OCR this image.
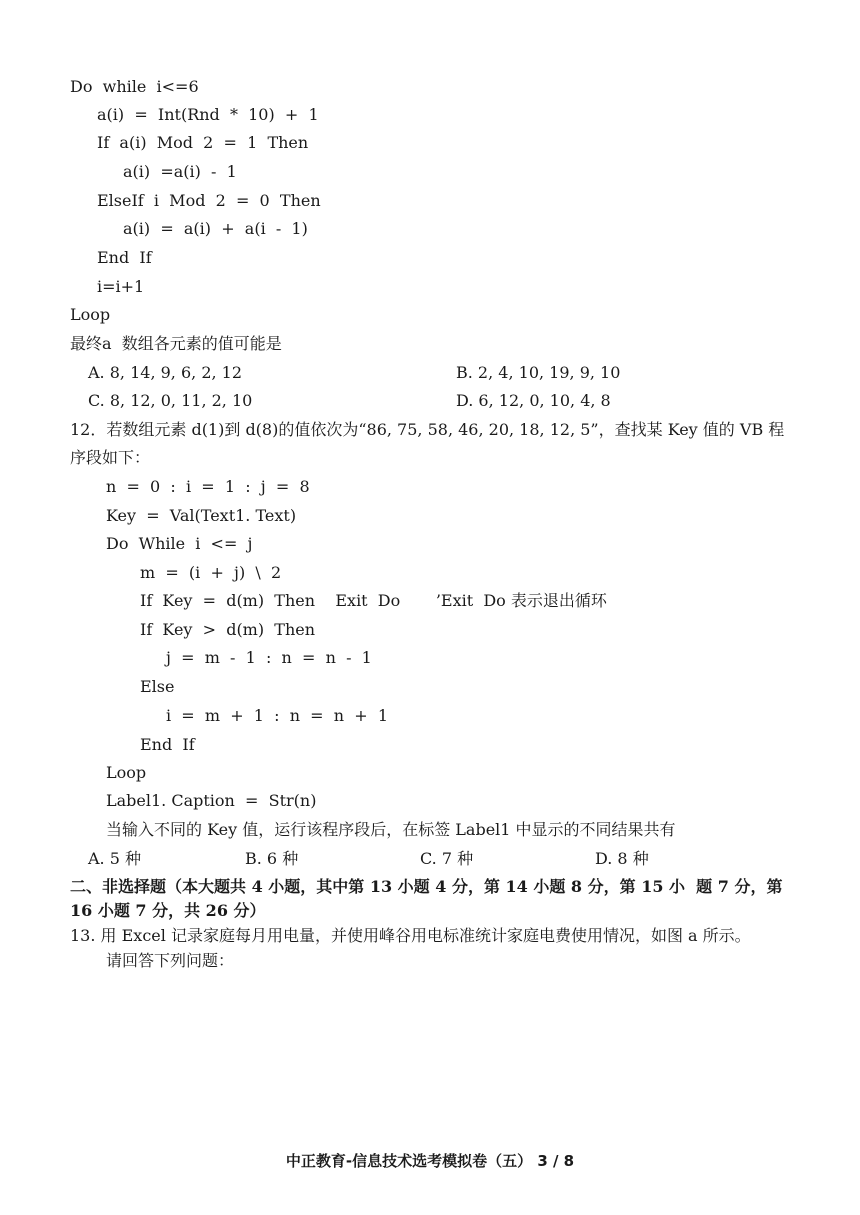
Do  while  i<=6
a(i)  =  Int(Rnd  *  10)  +  1
If  a(i)  Mod  2  =  1  Then
a(i)  =a(i)  -  1
ElseIf  i  Mod  2  =  0  Then
a(i)  =  a(i)  +  a(i  -  1)
End  If
i=i+1
Loop
最终a  数组各元素的值可能是
A. 8, 14, 9, 6, 2, 12	B. 2, 4, 10, 19, 9, 10
C. 8, 12, 0, 11, 2, 10	D. 6, 12, 0, 10, 4, 8
12．若数组元素 d(1)到 d(8)的值依次为“86, 75, 58, 46, 20, 18, 12, 5”，查找某 Key 值的 VB 程
序段如下：
n  =  0  :  i  =  1  :  j  =  8
Key  =  Val(Text1. Text)
Do  While  i  <=  j
m  =  (i  +  j)  \  2
If  Key  =  d(m)  Then    Exit  Do       ’Exit  Do 表示退出循环
If  Key  >  d(m)  Then
j  =  m  -  1  :  n  =  n  -  1
Else
i  =  m  +  1  :  n  =  n  +  1
End  If
Loop
Label1. Caption  =  Str(n)
当输入不同的 Key 值，运行该程序段后，在标签 Label1 中显示的不同结果共有
A. 5 种	B. 6 种	C. 7 种	D. 8 种
二、非选择题（本大题共 4 小题，其中第 13 小题 4 分，第 14 小题 8 分，第 15 小  题 7 分，第
16 小题 7 分，共 26 分）
13. 用 Excel 记录家庭每月用电量，并使用峰谷用电标准统计家庭电费使用情况，如图 a 所示。
请回答下列问题：
中正教育-信息技术选考模拟卷（五） 3 / 8
